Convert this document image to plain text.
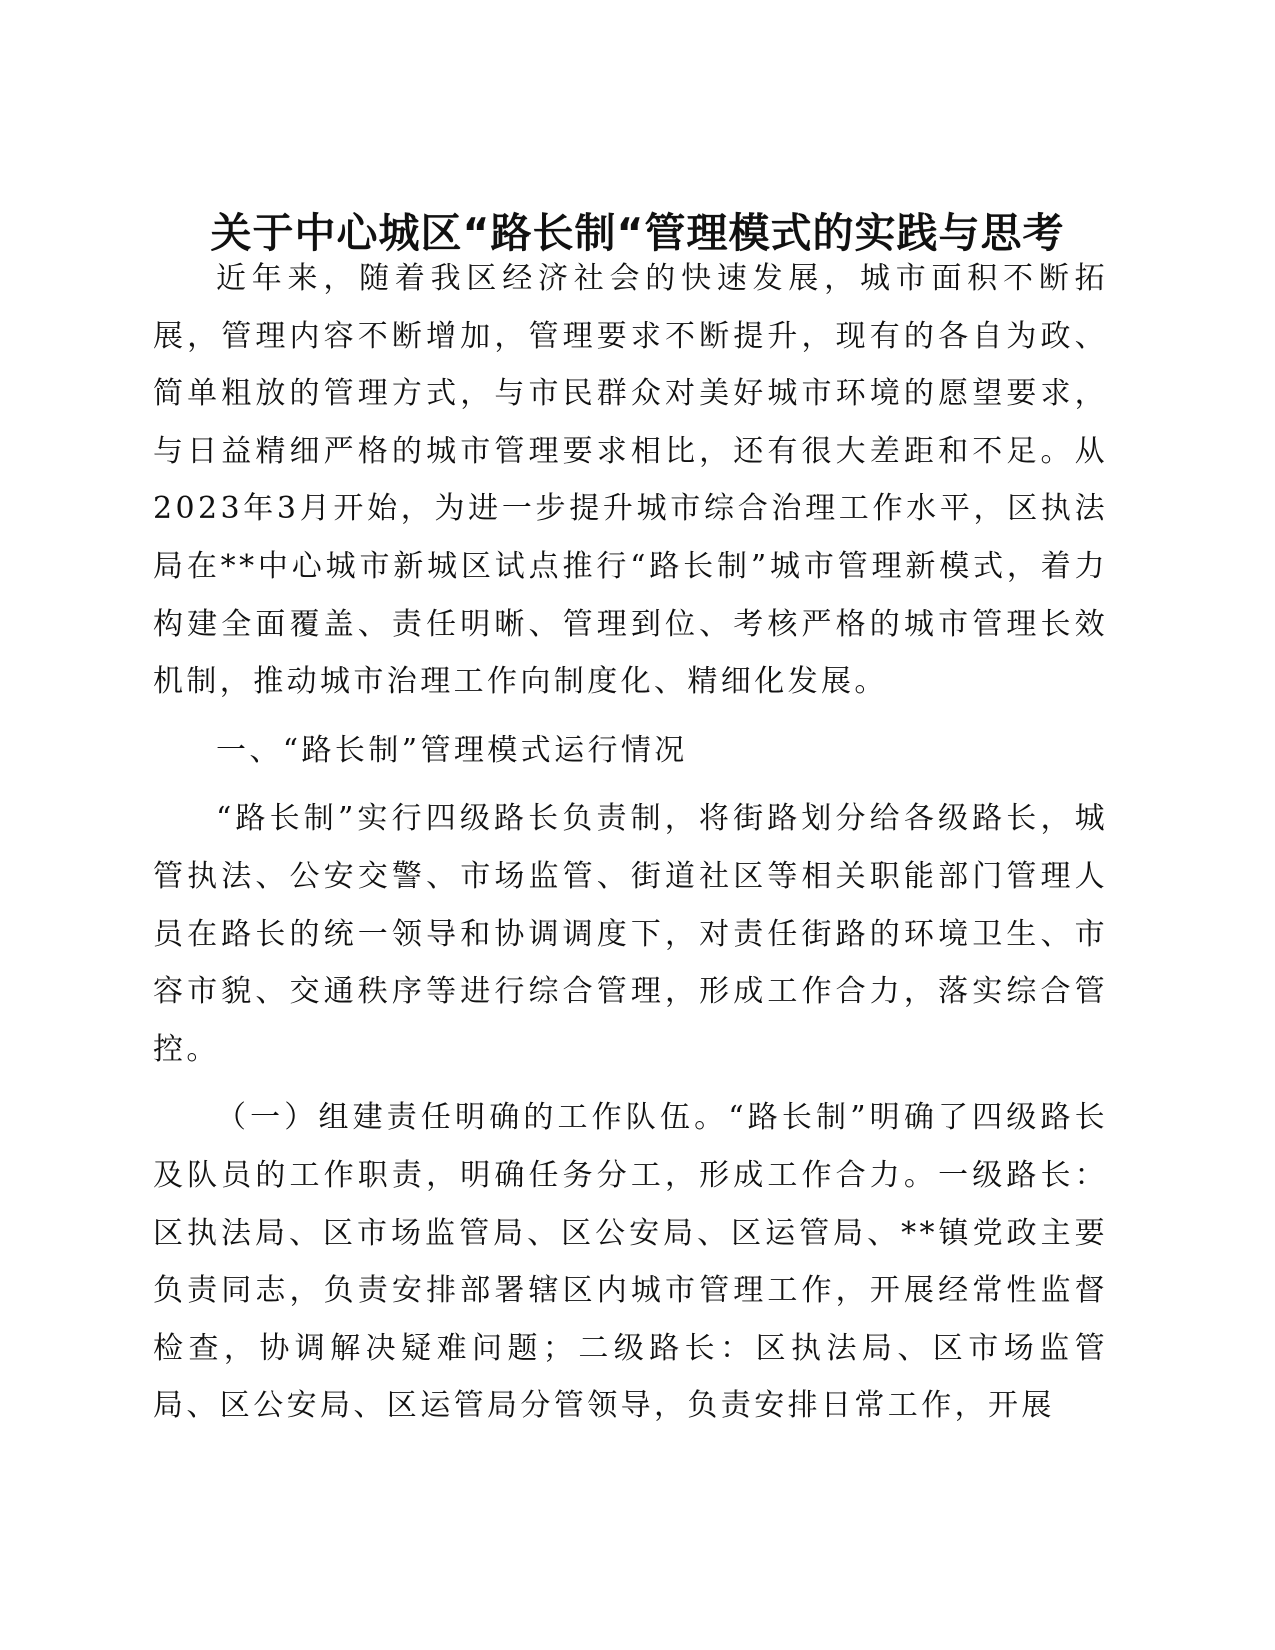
关于中心城区“路长制“管理模式的实践与思考

近年来，随着我区经济社会的快速发展，城市面积不断拓展，管理内容不断增加，管理要求不断提升，现有的各自为政、简单粗放的管理方式，与市民群众对美好城市环境的愿望要求，与日益精细严格的城市管理要求相比，还有很大差距和不足。从2023年3月开始，为进一步提升城市综合治理工作水平，区执法局在**中心城市新城区试点推行“路长制”城市管理新模式，着力构建全面覆盖、责任明晰、管理到位、考核严格的城市管理长效机制，推动城市治理工作向制度化、精细化发展。

一、“路长制”管理模式运行情况

“路长制”实行四级路长负责制，将街路划分给各级路长，城管执法、公安交警、市场监管、街道社区等相关职能部门管理人员在路长的统一领导和协调调度下，对责任街路的环境卫生、市容市貌、交通秩序等进行综合管理，形成工作合力，落实综合管控。

（一）组建责任明确的工作队伍。“路长制”明确了四级路长及队员的工作职责，明确任务分工，形成工作合力。一级路长：区执法局、区市场监管局、区公安局、区运管局、**镇党政主要负责同志，负责安排部署辖区内城市管理工作，开展经常性监督检查，协调解决疑难问题；二级路长：区执法局、区市场监管局、区公安局、区运管局分管领导，负责安排日常工作，开展
